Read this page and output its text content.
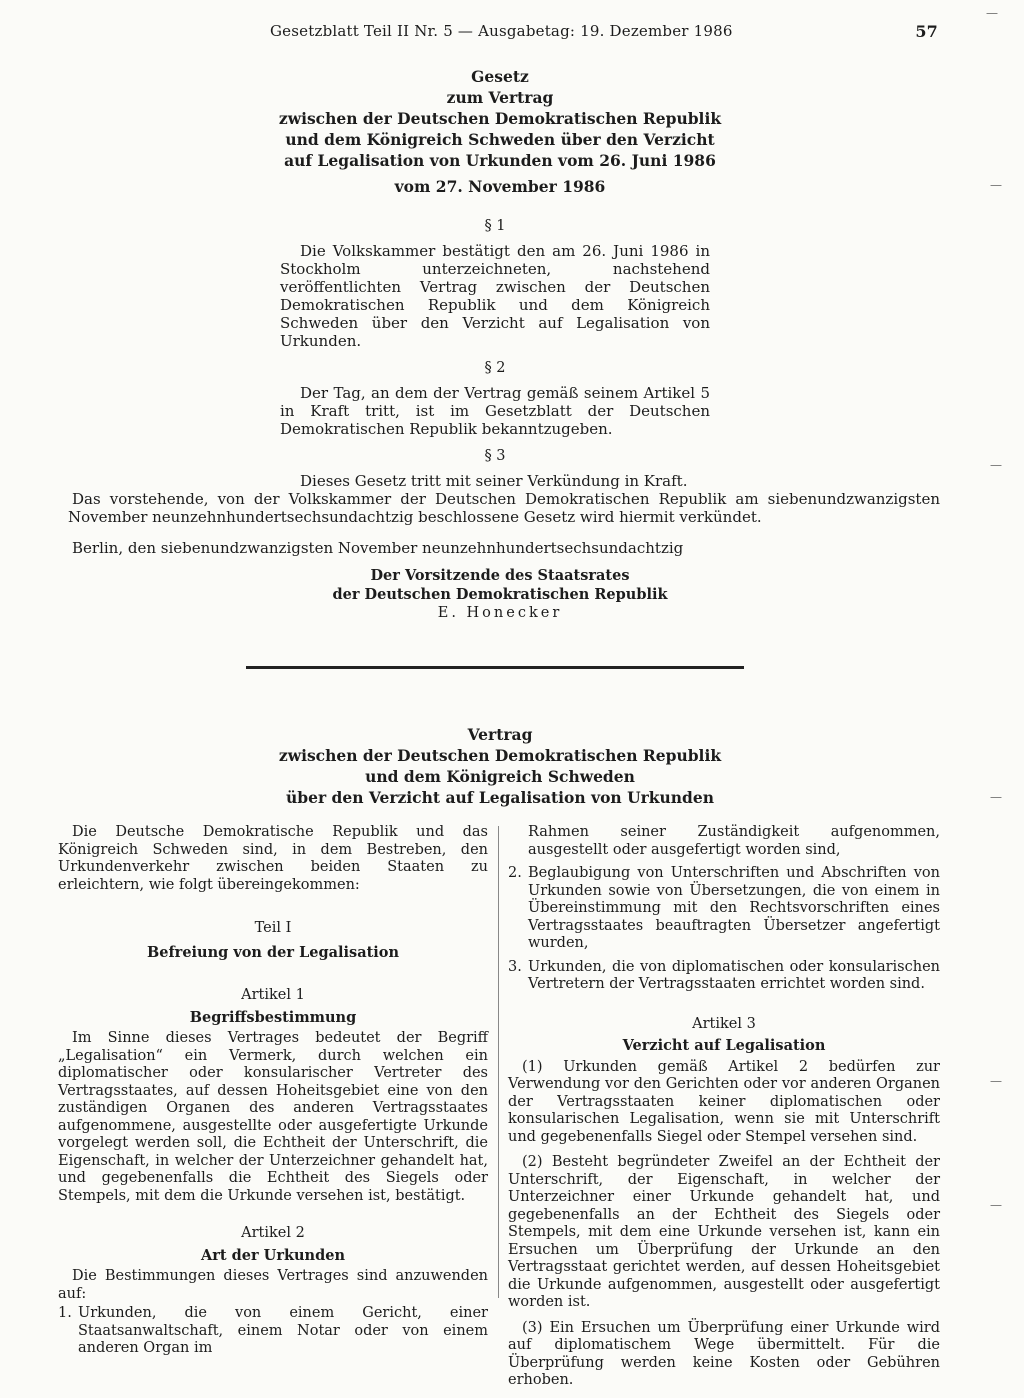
Gesetzblatt Teil II Nr. 5 — Ausgabetag: 19. Dezember 1986	57
Gesetz
zum Vertrag
zwischen der Deutschen Demokratischen Republik
und dem Königreich Schweden über den Verzicht
auf Legalisation von Urkunden vom 26. Juni 1986
vom 27. November 1986
§ 1

Die Volkskammer bestätigt den am 26. Juni 1986 in Stockholm unterzeichneten, nachstehend veröffentlichten Vertrag zwischen der Deutschen Demokratischen Republik und dem Königreich Schweden über den Verzicht auf Legalisation von Urkunden.

§ 2

Der Tag, an dem der Vertrag gemäß seinem Artikel 5 in Kraft tritt, ist im Gesetzblatt der Deutschen Demokratischen Republik bekanntzugeben.

§ 3

Dieses Gesetz tritt mit seiner Verkündung in Kraft.

Das vorstehende, von der Volkskammer der Deutschen Demokratischen Republik am siebenundzwanzigsten November neunzehnhundertsechsundachtzig beschlossene Gesetz wird hiermit verkündet.

Berlin, den siebenundzwanzigsten November neunzehnhundertsechsundachtzig

Der Vorsitzende des Staatsrates
der Deutschen Demokratischen Republik
E. Honecker
Vertrag
zwischen der Deutschen Demokratischen Republik
und dem Königreich Schweden
über den Verzicht auf Legalisation von Urkunden

Die Deutsche Demokratische Republik und das Königreich Schweden sind, in dem Bestreben, den Urkundenverkehr zwischen beiden Staaten zu erleichtern, wie folgt übereingekommen:

Teil I
Befreiung von der Legalisation
Artikel 1
Begriffsbestimmung

Im Sinne dieses Vertrages bedeutet der Begriff „Legalisation“ ein Vermerk, durch welchen ein diplomatischer oder konsularischer Vertreter des Vertragsstaates, auf dessen Hoheitsgebiet eine von den zuständigen Organen des anderen Vertragsstaates aufgenommene, ausgestellte oder ausgefertigte Urkunde vorgelegt werden soll, die Echtheit der Unterschrift, die Eigenschaft, in welcher der Unterzeichner gehandelt hat, und gegebenenfalls die Echtheit des Siegels oder Stempels, mit dem die Urkunde versehen ist, bestätigt.

Artikel 2
Art der Urkunden

Die Bestimmungen dieses Vertrages sind anzuwenden auf:

1. Urkunden, die von einem Gericht, einer Staatsanwaltschaft, einem Notar oder von einem anderen Organ im
Rahmen seiner Zuständigkeit aufgenommen, ausgestellt oder ausgefertigt worden sind,
2. Beglaubigung von Unterschriften und Abschriften von Urkunden sowie von Übersetzungen, die von einem in Übereinstimmung mit den Rechtsvorschriften eines Vertragsstaates beauftragten Übersetzer angefertigt wurden,
3. Urkunden, die von diplomatischen oder konsularischen Vertretern der Vertragsstaaten errichtet worden sind.
Artikel 3
Verzicht auf Legalisation

(1) Urkunden gemäß Artikel 2 bedürfen zur Verwendung vor den Gerichten oder vor anderen Organen der Vertragsstaaten keiner diplomatischen oder konsularischen Legalisation, wenn sie mit Unterschrift und gegebenenfalls Siegel oder Stempel versehen sind.

(2) Besteht begründeter Zweifel an der Echtheit der Unterschrift, der Eigenschaft, in welcher der Unterzeichner einer Urkunde gehandelt hat, und gegebenenfalls an der Echtheit des Siegels oder Stempels, mit dem eine Urkunde versehen ist, kann ein Ersuchen um Überprüfung der Urkunde an den Vertragsstaat gerichtet werden, auf dessen Hoheitsgebiet die Urkunde aufgenommen, ausgestellt oder ausgefertigt worden ist.

(3) Ein Ersuchen um Überprüfung einer Urkunde wird auf diplomatischem Wege übermittelt. Für die Überprüfung werden keine Kosten oder Gebühren erhoben.

—
—
—
—
—
—
